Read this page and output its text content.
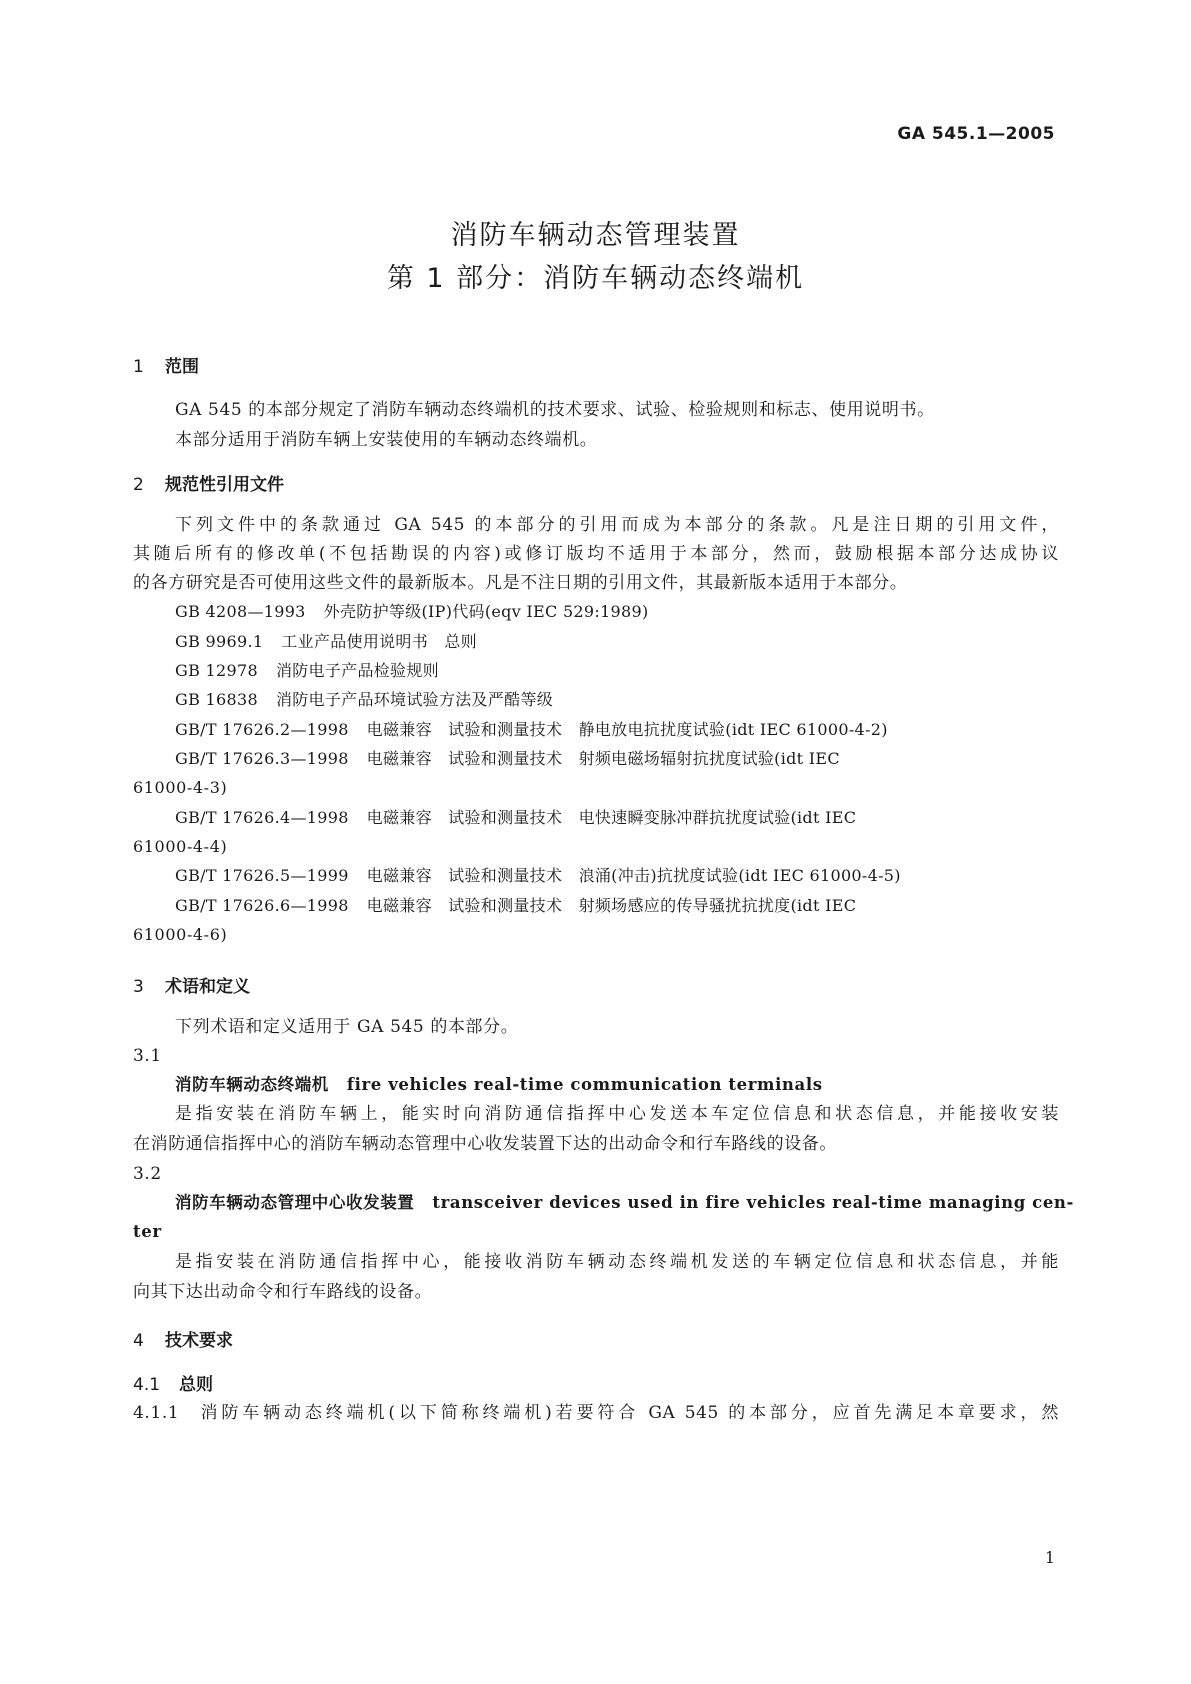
GA 545.1—2005
消防车辆动态管理装置
第 1 部分：消防车辆动态终端机
1 范围
GA 545 的本部分规定了消防车辆动态终端机的技术要求、试验、检验规则和标志、使用说明书。
本部分适用于消防车辆上安装使用的车辆动态终端机。
2 规范性引用文件
下列文件中的条款通过 GA 545 的本部分的引用而成为本部分的条款。凡是注日期的引用文件，
其随后所有的修改单(不包括勘误的内容)或修订版均不适用于本部分，然而，鼓励根据本部分达成协议
的各方研究是否可使用这些文件的最新版本。凡是不注日期的引用文件，其最新版本适用于本部分。
GB 4208—1993 外壳防护等级(IP)代码(eqv IEC 529:1989)
GB 9969.1 工业产品使用说明书　总则
GB 12978 消防电子产品检验规则
GB 16838 消防电子产品环境试验方法及严酷等级
GB/T 17626.2—1998 电磁兼容　试验和测量技术　静电放电抗扰度试验(idt IEC 61000-4-2)
GB/T 17626.3—1998 电磁兼容　试验和测量技术　射频电磁场辐射抗扰度试验(idt IEC
61000-4-3)
GB/T 17626.4—1998 电磁兼容　试验和测量技术　电快速瞬变脉冲群抗扰度试验(idt IEC
61000-4-4)
GB/T 17626.5—1999 电磁兼容　试验和测量技术　浪涌(冲击)抗扰度试验(idt IEC 61000-4-5)
GB/T 17626.6—1998 电磁兼容　试验和测量技术　射频场感应的传导骚扰抗扰度(idt IEC
61000-4-6)
3 术语和定义
下列术语和定义适用于 GA 545 的本部分。
3.1
消防车辆动态终端机 fire vehicles real-time communication terminals
是指安装在消防车辆上，能实时向消防通信指挥中心发送本车定位信息和状态信息，并能接收安装
在消防通信指挥中心的消防车辆动态管理中心收发装置下达的出动命令和行车路线的设备。
3.2
消防车辆动态管理中心收发装置 transceiver devices used in fire vehicles real-time managing cen-
ter
是指安装在消防通信指挥中心，能接收消防车辆动态终端机发送的车辆定位信息和状态信息，并能
向其下达出动命令和行车路线的设备。
4 技术要求
4.1 总则
4.1.1 消防车辆动态终端机(以下简称终端机)若要符合 GA 545 的本部分，应首先满足本章要求，然
1
